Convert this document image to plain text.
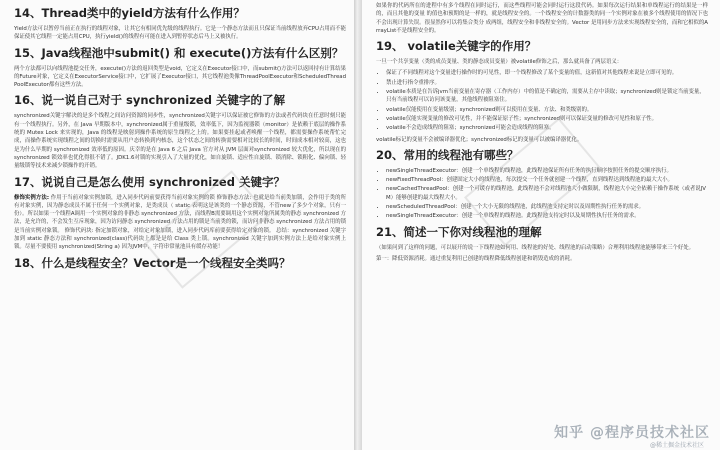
14、Thread类中的yield方法有什么作用？

Yield方法可以暂停当前正在执行的线程对象，让其它有相同优先级的线程执行。它是一个静态方法而且只保证当前线程放弃CPU占用而不能保证使其它线程一定能占用CPU，执行yield()的线程有可能在进入到暂停状态后马上又被执行。

15、Java线程池中submit() 和 execute()方法有什么区别？

两个方法都可以向线程池提交任务，execute()方法的返回类型是void，它定义在Executor接口中，而submit()方法可以返回持有计算结果的Future对象，它定义在ExecutorService接口中，它扩展了Executor接口，其它线程池类像ThreadPoolExecutor和ScheduledThreadPoolExecutor都有这些方法。

16、说一说自己对于 synchronized 关键字的了解

synchronized关键字解决的是多个线程之间访问资源的同步性，synchronized关键字可以保证被它修饰的方法或者代码块在任意时刻只能有一个线程执行。另外，在 Java 早期版本中，synchronized属于重量级锁，效率低下，因为监视器锁（monitor）是依赖于底层的操作系统的 Mutex Lock 来实现的，Java 的线程是映射到操作系统的原生线程之上的。如果要挂起或者唤醒一个线程，都需要操作系统帮忙完成，而操作系统实现线程之间的切换时需要从用户态转换到内核态，这个状态之间的转换需要相对比较长的时间，时间成本相对较高，这也是为什么早期的 synchronized 效率低的原因。庆幸的是在 Java 6 之后 Java 官方对从 JVM 层面对synchronized 较大优化，所以现在的 synchronized 锁效率也优化得很不错了。JDK1.6对锁的实现引入了大量的优化，如自旋锁、适应性自旋锁、锁消除、锁粗化、偏向锁、轻量级锁等技术来减少锁操作的开销。

17、说说自己是怎么使用 synchronized 关键字？

修饰实例方法: 作用于当前对象实例加锁，进入同步代码前要获得当前对象实例的锁 修饰静态方法: 也就是给当前类加锁，会作用于类的所有对象实例，因为静态成员不属于任何一个实例对象，是类成员（ static 表明这是该类的一个静态资源，不管new了多少个对象，只有一份）。所以如果一个线程A调用一个实例对象的非静态 synchronized 方法，而线程B需要调用这个实例对象所属类的静态 synchronized 方法，是允许的，不会发生互斥现象，因为访问静态 synchronized 方法占用的锁是当前类的锁，而访问非静态 synchronized 方法占用的锁是当前实例对象锁。 修饰代码块: 指定加锁对象，对给定对象加锁，进入同步代码库前要获得给定对象的锁。 总结：synchronized 关键字加到 static 静态方法和 synchronized(class)代码块上都是是给 Class 类上锁。synchronized 关键字加到实例方法上是给对象实例上锁。尽量不要使用 synchronized(String a) 因为JVM中，字符串常量池具有缓存功能！

18、什么是线程安全？Vector是一个线程安全类吗？

如果你的代码所在的进程中有多个线程在同时运行，而这些线程可能会同时运行这段代码。如果每次运行结果和单线程运行的结果是一样的，而且其他的变量 的值也和预期的是一样的，就是线程安全的。一个线程安全的计数器类的同一个实例对象在被多个线程使用的情况下也不会出现计算失误。很显然你可以将集合类分 成两组，线程安全和非线程安全的。Vector 是用同步方法来实现线程安全的，而和它相似的ArrayList不是线程安全的。

19、 volatile关键字的作用？

一旦一个共享变量（类的成员变量、类的静态成员变量）被volatile修饰之后，那么就具备了两层语义：

• 保证了不同线程对这个变量进行操作时的可见性，即一个线程修改了某个变量的值，这新值对其他线程来说是立即可见的。
• 禁止进行指令重排序。
• volatile本质是在告诉jvm当前变量在寄存器（工作内存）中的值是不确定的，需要从主存中读取；synchronized则是锁定当前变量，只有当前线程可以访问该变量，其他线程被阻塞住。
• volatile仅能使用在变量级别；synchronized则可以使用在变量、方法、和类级别的。
• volatile仅能实现变量的修改可见性，并不能保证原子性；synchronized则可以保证变量的修改可见性和原子性。
• volatile不会造成线程的阻塞；synchronized可能会造成线程的阻塞。

volatile标记的变量不会被编译器优化；synchronized标记的变量可以被编译器优化。

20、常用的线程池有哪些？
• newSingleThreadExecutor：创建一个单线程的线程池，此线程池保证所有任务的执行顺序按照任务的提交顺序执行。
• newFixedThreadPool：创建固定大小的线程池，每次提交一个任务就创建一个线程，直到线程达到线程池的最大大小。
• newCachedThreadPool：创建一个可缓存的线程池，此线程池不会对线程池大小做限制，线程池大小完全依赖于操作系统（或者说JVM）能够创建的最大线程大小。
• newScheduledThreadPool：创建一个大小无限的线程池，此线程池支持定时以及周期性执行任务的需求。
• newSingleThreadExecutor：创建一个单线程的线程池。此线程池支持定时以及周期性执行任务的需求。
21、简述一下你对线程池的理解

（如果问到了这样的问题，可以展开的说一下线程池如何用、线程池的好处、线程池的启动策略）合理利用线程池能够带来三个好处。

第一：降低资源消耗。通过重复利用已创建的线程降低线程创建和销毁造成的消耗。

知乎 @程序员技术社区
@稀土掘金技术社区
